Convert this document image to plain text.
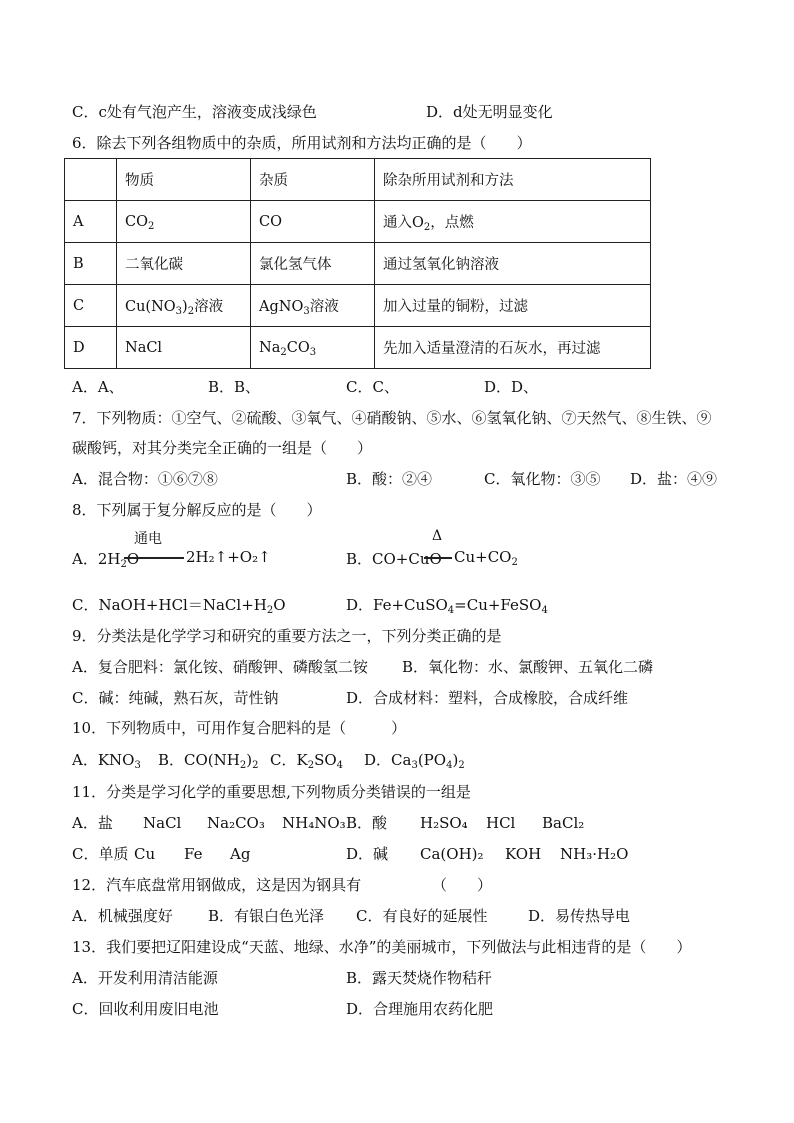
C．c处有气泡产生，溶液变成浅绿色	D．d处无明显变化
6．除去下列各组物质中的杂质，所用试剂和方法均正确的是（　　）
	物质	杂质	除杂所用试剂和方法
A	$CO_2$	CO	通入$O_2$，点燃
B	二氧化碳	氯化氢气体	通过氢氧化钠溶液
C	$Cu(NO_3)_2$溶液	AgNO$_3$溶液	加入过量的铜粉，过滤
D	NaCl	$Na_2CO_3$	先加入适量澄清的石灰水，再过滤
A．A、	B．B、	C．C、	D．D、
7．下列物质：①空气、②硫酸、③氧气、④硝酸钠、⑤水、⑥氢氧化钠、⑦天然气、⑧生铁、⑨
碳酸钙，对其分类完全正确的一组是（　　）
A．混合物：①⑥⑦⑧	B．酸：②④	C．氧化物：③⑤ D．盐：④⑨
8．下列属于复分解反应的是（　　）
A．$2H_2O$
通电
2H₂↑+O₂↑	B．CO+CuO
Δ
$Cu+CO_2$
C．$NaOH+HCl=NaCl+H_2O$	D．Fe+CuSO$_4$=Cu+FeSO$_4$
9．分类法是化学学习和研究的重要方法之一，下列分类正确的是
A．复合肥料：氯化铵、硝酸钾、磷酸氢二铵 B．氧化物：水、氯酸钾、五氧化二磷
C．碱：纯碱，熟石灰，苛性钠	D．合成材料：塑料，合成橡胶，合成纤维
10．下列物质中，可用作复合肥料的是（　　　）
A．$KNO_3$ B．$CO(NH_2)_2$ C．$K_2SO_4$ D．$Ca_3(PO_4)_2$
11．分类是学习化学的重要思想,下列物质分类错误的一组是
A．盐 NaCl Na₂CO₃ NH₄NO₃ B．酸 H₂SO₄ HCl BaCl₂
C．单质 Cu Fe Ag	D．碱 Ca(OH)₂ KOH NH₃·H₂O
12．汽车底盘常用钢做成，这是因为钢具有	（　　）
A．机械强度好 B．有银白色光泽 C．有良好的延展性	D．易传热导电
13．我们要把辽阳建设成“天蓝、地绿、水净”的美丽城市，下列做法与此相违背的是（　　）
A．开发利用清洁能源	B．露天焚烧作物秸秆
C．回收利用废旧电池	D．合理施用农药化肥
